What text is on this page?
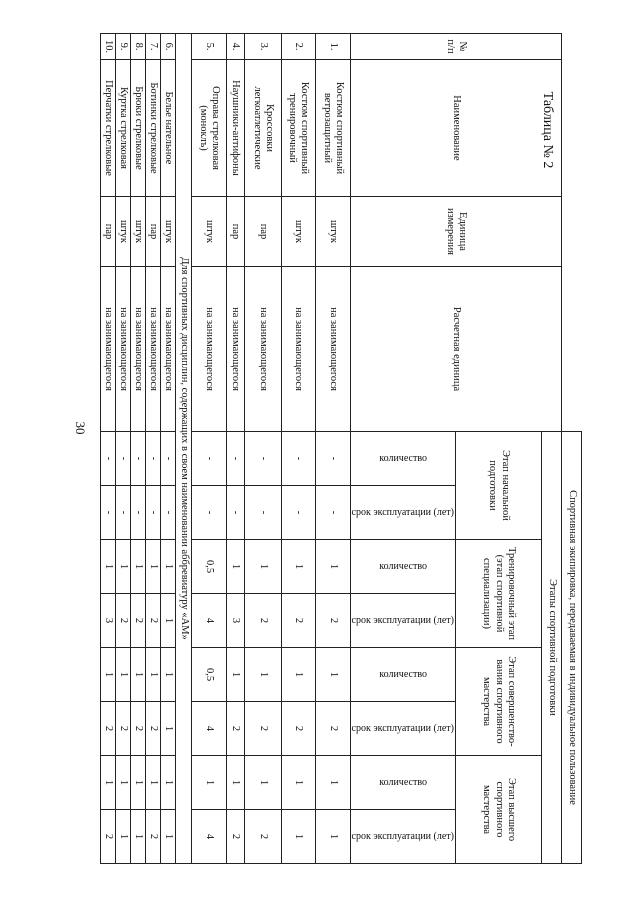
30
Таблица № 2
				Спортивная экипировка, передаваемая в индивидуальное пользование							
№ п/п	Наименование	Единица измерения	Расчетная единица	Этапы спортивной подготовки							
				Этап начальной подготовки		Тренировочный этап (этап спортивной специализации)		Этап совершенство-вания спортивного мастерства		Этап высшего спортивного мастерства	

				количество	срок эксплуатации (лет)	количество	срок эксплуатации (лет)	количество	срок эксплуатации (лет)	количество	срок эксплуатации (лет)

1.	Костюм спортивный ветрозащитный	штук	на занимающегося	-	-	1	2	1	2	1	1
2.	Костюм спортивный тренировочный	штук	на занимающегося	-	-	1	2	1	2	1	1
3.	Кроссовки легкоатлетические	пар	на занимающегося	-	-	1	2	1	2	1	2
4.	Наушники-антифоны	пар	на занимающегося	-	-	1	3	1	2	1	2
5.	Оправа стрелковая (моноклъ)	штук	на занимающегося	-	-	0,5	4	0,5	4	1	4
Для спортивных дисциплин, содержащих в своем наименовании аббревиатуру «АМ»											
6.	Белье нательное	штук	на занимающегося	-	-	1	1	1	1	1	1
7.	Ботинки стрелковые	пар	на занимающегося	-	-	1	2	1	2	1	2
8.	Брюки стрелковые	штук	на занимающегося	-	-	1	2	1	2	1	1
9.	Куртка стрелковая	штук	на занимающегося	-	-	1	2	1	2	1	1
10.	Перчатки стрелковые	пар	на занимающегося	-	-	1	3	1	2	1	2
